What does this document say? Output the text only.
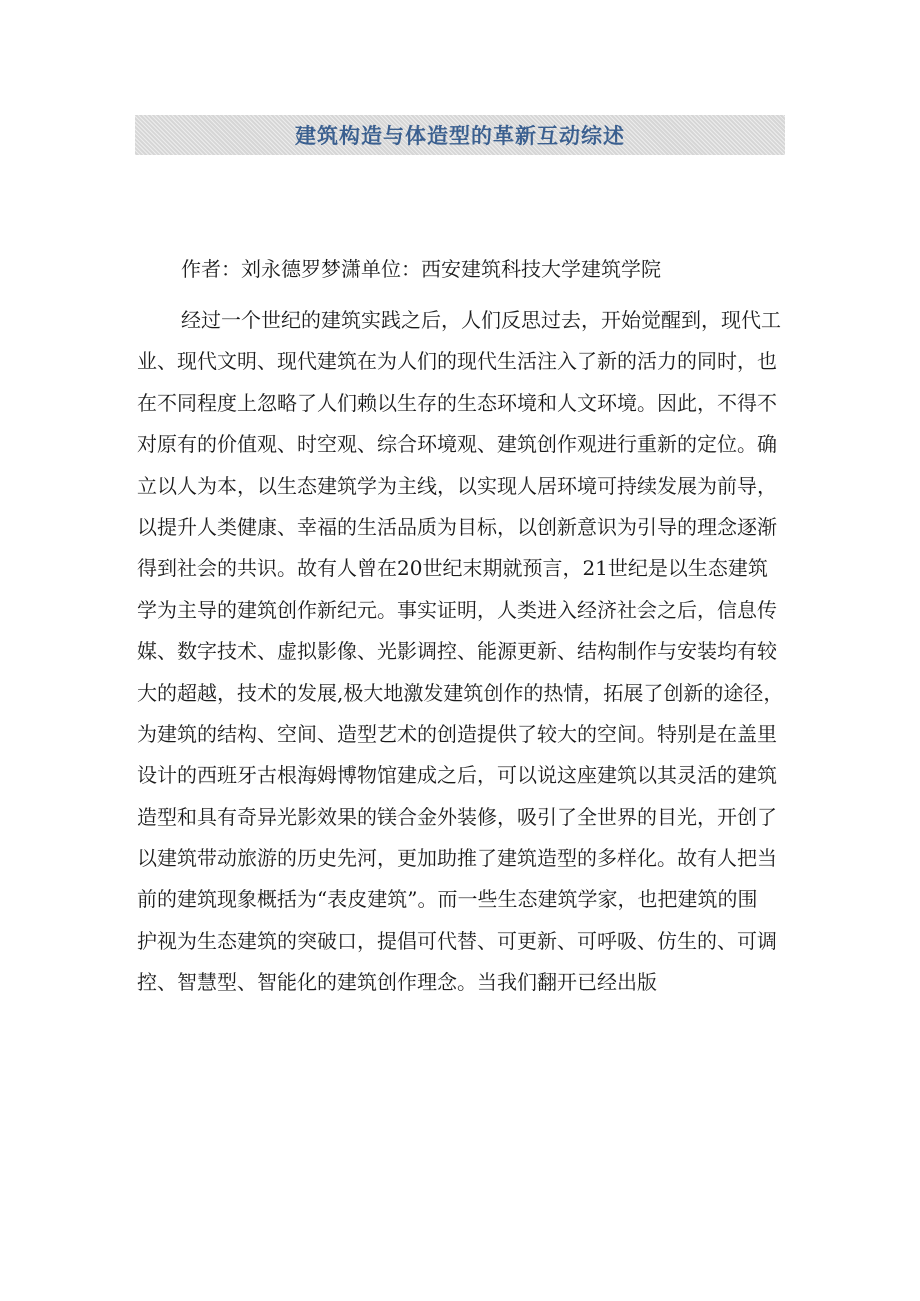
建筑构造与体造型的革新互动综述
作者：刘永德罗梦潇单位：西安建筑科技大学建筑学院
经过一个世纪的建筑实践之后，人们反思过去，开始觉醒到，现代工
业、现代文明、现代建筑在为人们的现代生活注入了新的活力的同时，也
在不同程度上忽略了人们赖以生存的生态环境和人文环境。因此，不得不
对原有的价值观、时空观、综合环境观、建筑创作观进行重新的定位。确
立以人为本，以生态建筑学为主线，以实现人居环境可持续发展为前导，
以提升人类健康、幸福的生活品质为目标，以创新意识为引导的理念逐渐
得到社会的共识。故有人曾在20世纪末期就预言，21世纪是以生态建筑
学为主导的建筑创作新纪元。事实证明，人类进入经济社会之后，信息传
媒、数字技术、虚拟影像、光影调控、能源更新、结构制作与安装均有较
大的超越，技术的发展,极大地激发建筑创作的热情，拓展了创新的途径，
为建筑的结构、空间、造型艺术的创造提供了较大的空间。特别是在盖里
设计的西班牙古根海姆博物馆建成之后，可以说这座建筑以其灵活的建筑
造型和具有奇异光影效果的镁合金外装修，吸引了全世界的目光，开创了
以建筑带动旅游的历史先河，更加助推了建筑造型的多样化。故有人把当
前的建筑现象概括为“表皮建筑”。而一些生态建筑学家，也把建筑的围
护视为生态建筑的突破口，提倡可代替、可更新、可呼吸、仿生的、可调
控、智慧型、智能化的建筑创作理念。当我们翻开已经出版
